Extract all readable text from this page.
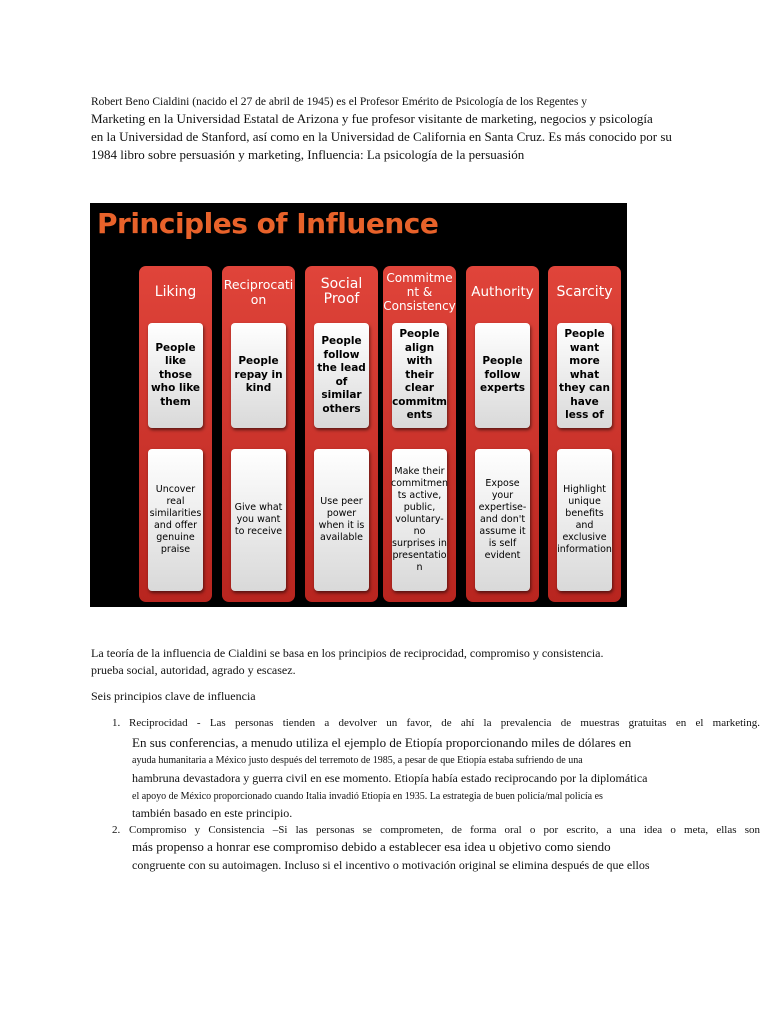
Robert Beno Cialdini (nacido el 27 de abril de 1945) es el Profesor Emérito de Psicología de los Regentes y
Marketing en la Universidad Estatal de Arizona y fue profesor visitante de marketing, negocios y psicología
en la Universidad de Stanford, así como en la Universidad de California en Santa Cruz. Es más conocido por su
1984 libro sobre persuasión y marketing, Influencia: La psicología de la persuasión
Principles of Influence
Liking
People like those who like them
Uncover real similarities and offer genuine praise
Reciprocati on
People repay in kind
Give what you want to receive
Social Proof
People follow the lead of similar others
Use peer power when it is available
Commitme nt & Consistency
People align with their clear commitm ents
Make their commitmen ts active, public, voluntary- no surprises in presentatio n
Authority
People follow experts
Expose your expertise- and don't assume it is self evident
Scarcity
People want more what they can have less of
Highlight unique benefits and exclusive information
La teoría de la influencia de Cialdini se basa en los principios de reciprocidad, compromiso y consistencia.
prueba social, autoridad, agrado y escasez.
Seis principios clave de influencia
1. Reciprocidad - Las personas tienden a devolver un favor, de ahí la prevalencia de muestras gratuitas en el marketing.

En sus conferencias, a menudo utiliza el ejemplo de Etiopía proporcionando miles de dólares en

ayuda humanitaria a México justo después del terremoto de 1985, a pesar de que Etiopía estaba sufriendo de una

hambruna devastadora y guerra civil en ese momento. Etiopía había estado reciprocando por la diplomática

el apoyo de México proporcionado cuando Italia invadió Etiopía en 1935. La estrategia de buen policía/mal policía es

también basado en este principio.

2. Compromiso y Consistencia –Si las personas se comprometen, de forma oral o por escrito, a una idea o meta, ellas son

más propenso a honrar ese compromiso debido a establecer esa idea u objetivo como siendo

congruente con su autoimagen. Incluso si el incentivo o motivación original se elimina después de que ellos
